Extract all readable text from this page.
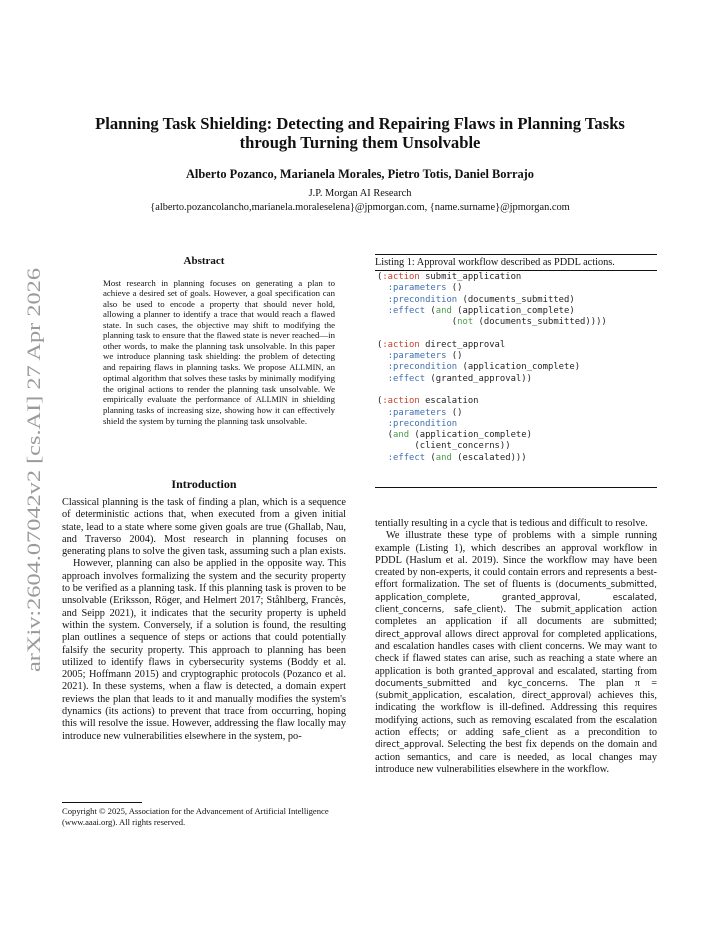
arXiv:2604.07042v2 [cs.AI] 27 Apr 2026
Planning Task Shielding: Detecting and Repairing Flaws in Planning Tasks
through Turning them Unsolvable
Alberto Pozanco, Marianela Morales, Pietro Totis, Daniel Borrajo
J.P. Morgan AI Research
{alberto.pozancolancho,marianela.moraleselena}@jpmorgan.com, {name.surname}@jpmorgan.com
Abstract
Most research in planning focuses on generating a plan to achieve a desired set of goals. However, a goal specification can also be used to encode a property that should never hold, allowing a planner to identify a trace that would reach a flawed state. In such cases, the objective may shift to modifying the planning task to ensure that the flawed state is never reached—in other words, to make the planning task unsolvable. In this paper we introduce planning task shielding: the problem of detecting and repairing flaws in planning tasks. We propose ALLMIN, an optimal algorithm that solves these tasks by minimally modifying the original actions to render the planning task unsolvable. We empirically evaluate the performance of ALLMIN in shielding planning tasks of increasing size, showing how it can effectively shield the system by turning the planning task unsolvable.
Introduction

Classical planning is the task of finding a plan, which is a sequence of deterministic actions that, when executed from a given initial state, lead to a state where some given goals are true (Ghallab, Nau, and Traverso 2004). Most research in planning focuses on generating plans to solve the given task, assuming such a plan exists.

However, planning can also be applied in the opposite way. This approach involves formalizing the system and the security property to be verified as a planning task. If this planning task is proven to be unsolvable (Eriksson, Röger, and Helmert 2017; Ståhlberg, Francès, and Seipp 2021), it indicates that the security property is upheld within the system. Conversely, if a solution is found, the resulting plan outlines a sequence of steps or actions that could potentially falsify the security property. This approach to planning has been utilized to identify flaws in cybersecurity systems (Boddy et al. 2005; Hoffmann 2015) and cryptographic protocols (Pozanco et al. 2021). In these systems, when a flaw is detected, a domain expert reviews the plan that leads to it and manually modifies the system's dynamics (its actions) to prevent that trace from occurring, hoping this will resolve the issue. However, addressing the flaw locally may introduce new vulnerabilities elsewhere in the system, po-

Copyright © 2025, Association for the Advancement of Artificial Intelligence (www.aaai.org). All rights reserved.
Listing 1: Approval workflow described as PDDL actions.
(:action submit_application
:parameters ()
:precondition (documents_submitted)
:effect (and (application_complete)
(not (documents_submitted))))

(:action direct_approval
:parameters ()
:precondition (application_complete)
:effect (granted_approval))

(:action escalation
:parameters ()
:precondition
(and (application_complete)
(client_concerns))
:effect (and (escalated)))

tentially resulting in a cycle that is tedious and difficult to resolve.

We illustrate these type of problems with a simple running example (Listing 1), which describes an approval workflow in PDDL (Haslum et al. 2019). Since the workflow may have been created by non-experts, it could contain errors and represents a best-effort formalization. The set of fluents is ⟨documents_submitted, application_complete, granted_approval, escalated, client_concerns, safe_client⟩. The submit_application action completes an application if all documents are submitted; direct_approval allows direct approval for completed applications, and escalation handles cases with client concerns. We may want to check if flawed states can arise, such as reaching a state where an application is both granted_approval and escalated, starting from documents_submitted and kyc_concerns. The plan π = ⟨submit_application, escalation, direct_approval⟩ achieves this, indicating the workflow is ill-defined. Addressing this requires modifying actions, such as removing escalated from the escalation action effects; or adding safe_client as a precondition to direct_approval. Selecting the best fix depends on the domain and action semantics, and care is needed, as local changes may introduce new vulnerabilities elsewhere in the workflow.
